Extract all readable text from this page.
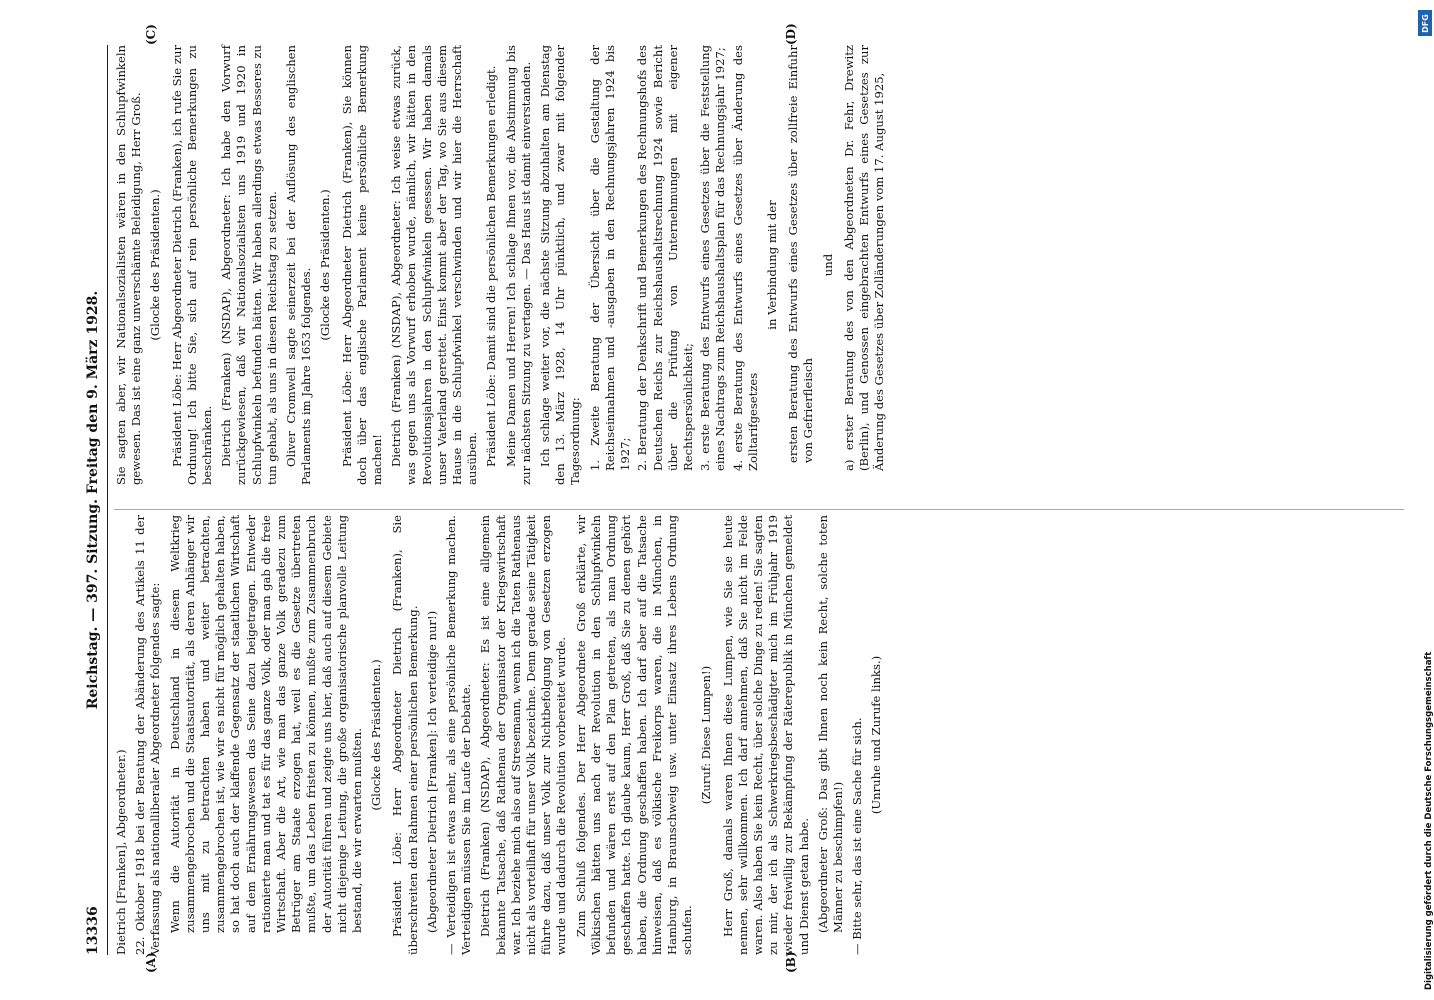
13336
Reichstag. — 397. Sitzung. Freitag den 9. März 1928.
Dietrich [Franken], Abgeordneter.) 22. Oktober 1918 bei der Beratung der Abänderung des Artikels 11 der Verfassung als nationalliberaler Abgeordneter folgendes sagte: Wenn die Autorität in Deutschland in diesem Weltkrieg zusammengebrochen und die Staatsautorität, als deren Anhänger wir uns mit zu betrachten haben und weiter betrachten, zusammengebrochen ist, wie wir es nicht für möglich gehalten haben, so hat doch auch der klaffende Gegensatz der staatlichen Wirtschaft auf dem Ernährungswesen das Seine dazu beigetragen. Entweder rationierte man und tat es für das ganze Volk, oder man gab die freie Wirtschaft. Aber die Art, wie man das ganze Volk geradezu zum Betrüger am Staate erzogen hat, weil es die Gesetze übertreten mußte, um das Leben fristen zu können, mußte zum Zusammenbruch der Autorität führen und zeigte uns hier, daß auch auf diesem Gebiete nicht diejenige Leitung, die große organisatorische planvolle Leitung bestand, die wir erwarten mußten. (Glocke des Präsidenten.) Präsident Löbe: Herr Abgeordneter Dietrich (Franken), Sie überschreiten den Rahmen einer persönlichen Bemerkung. (Abgeordneter Dietrich [Franken]: Ich verteidige nur!) — Verteidigen ist etwas mehr, als eine persönliche Bemerkung machen. Verteidigen müssen Sie im Laufe der Debatte. Dietrich (Franken) (NSDAP), Abgeordneter: Es ist eine allgemein bekannte Tatsache, daß Rathenau der Organisator der Kriegswirtschaft war. Ich beziehe mich also auf Stresemann, wenn ich die Taten Rathenaus nicht als vorteilhaft für unser Volk bezeichne. Denn gerade seine Tätigkeit führte dazu, daß unser Volk zur Nichtbefolgung von Gesetzen erzogen wurde und dadurch die Revolution vorbereitet wurde. Zum Schluß folgendes. Der Herr Abgeordnete Groß erklärte, wir Völkischen hätten uns nach der Revolution in den Schlupfwinkeln befunden und wären erst auf den Plan getreten, als man Ordnung geschaffen hatte. Ich glaube kaum, Herr Groß, daß Sie zu denen gehört haben, die Ordnung geschaffen haben. Ich darf aber auf die Tatsache hinweisen, daß es völkische Freikorps waren, die in München, in Hamburg, in Braunschweig usw. unter Einsatz ihres Lebens Ordnung schufen.
(Zuruf: Diese Lumpen!) Herr Groß, damals waren Ihnen diese Lumpen, wie Sie sie heute nennen, sehr willkommen. Ich darf annehmen, daß Sie nicht im Felde waren. Also haben Sie kein Recht, über solche Dinge zu reden! Sie sagten zu mir, der ich als Schwerkriegsbeschädigter mich im Frühjahr 1919 wieder freiwillig zur Bekämpfung der Räterepublik in München gemeldet und Dienst getan habe. (Abgeordneter Groß: Das gibt Ihnen noch kein Recht, solche toten Männer zu beschimpfen!) — Bitte sehr, das ist eine Sache für sich. (Unruhe und Zurufe links.)
Sie sagten aber, wir Nationalsozialisten wären in den Schlupfwinkeln gewesen. Das ist eine ganz unverschämte Beleidigung, Herr Groß. (Glocke des Präsidenten.) Präsident Löbe: Herr Abgeordneter Dietrich (Franken), ich rufe Sie zur Ordnung! Ich bitte Sie, sich auf rein persönliche Bemerkungen zu beschränken. Dietrich (Franken) (NSDAP), Abgeordneter: Ich habe den Vorwurf zurückgewiesen, daß wir Nationalsozialisten uns 1919 und 1920 in Schlupfwinkeln befunden hätten. Wir haben allerdings etwas Besseres zu tun gehabt, als uns in diesen Reichstag zu setzen. Oliver Cromwell sagte seinerzeit bei der Auflösung des englischen Parlaments im Jahre 1653 folgendes.
(Glocke des Präsidenten.) Präsident Löbe: Herr Abgeordneter Dietrich (Franken), Sie können doch über das englische Parlament keine persönliche Bemerkung machen! Dietrich (Franken) (NSDAP), Abgeordneter: Ich weise etwas zurück, was gegen uns als Vorwurf erhoben wurde, nämlich, wir hätten in den Revolutionsjahren in den Schlupfwinkeln gesessen. Wir haben damals unser Vaterland gerettet. Einst kommt aber der Tag, wo Sie aus diesem Hause in die Schlupfwinkel verschwinden und wir hier die Herrschaft ausüben. Präsident Löbe: Damit sind die persönlichen Bemerkungen erledigt. Meine Damen und Herren! Ich schlage Ihnen vor, die Abstimmung bis zur nächsten Sitzung zu vertagen. — Das Haus ist damit einverstanden. Ich schlage weiter vor, die nächste Sitzung abzuhalten am Dienstag den 13. März 1928, 14 Uhr pünktlich, und zwar mit folgender Tagesordnung: 1. Zweite Beratung der Übersicht über die Gestaltung der Reichseinnahmen und -ausgaben in den Rechnungsjahren 1924 bis 1927; 2. Beratung der Denkschrift und Bemerkungen des Rechnungshofs des Deutschen Reichs zur Reichshaushaltsrechnung 1924 sowie Bericht über die Prüfung von Unternehmungen mit eigener Rechtspersönlichkeit; 3. erste Beratung des Entwurfs eines Gesetzes über die Feststellung eines Nachtrags zum Reichshaushaltsplan für das Rechnungsjahr 1927; 4. erste Beratung des Entwurfs eines Gesetzes über Änderung des Zolltarifgesetzes
in Verbindung mit der ersten Beratung des Entwurfs eines Gesetzes über zollfreie Einfuhr von Gefrierfleisch
und a) erster Beratung des von den Abgeordneten Dr. Fehr, Drewitz (Berlin), und Genossen eingebrachten Entwurfs eines Gesetzes zur Änderung des Gesetzes über Zolländerungen vom 17. August 1925,
(A)	(B)
(C)	(D)
Digitalisierung gefördert durch die Deutsche Forschungsgemeinschaft
DFG
